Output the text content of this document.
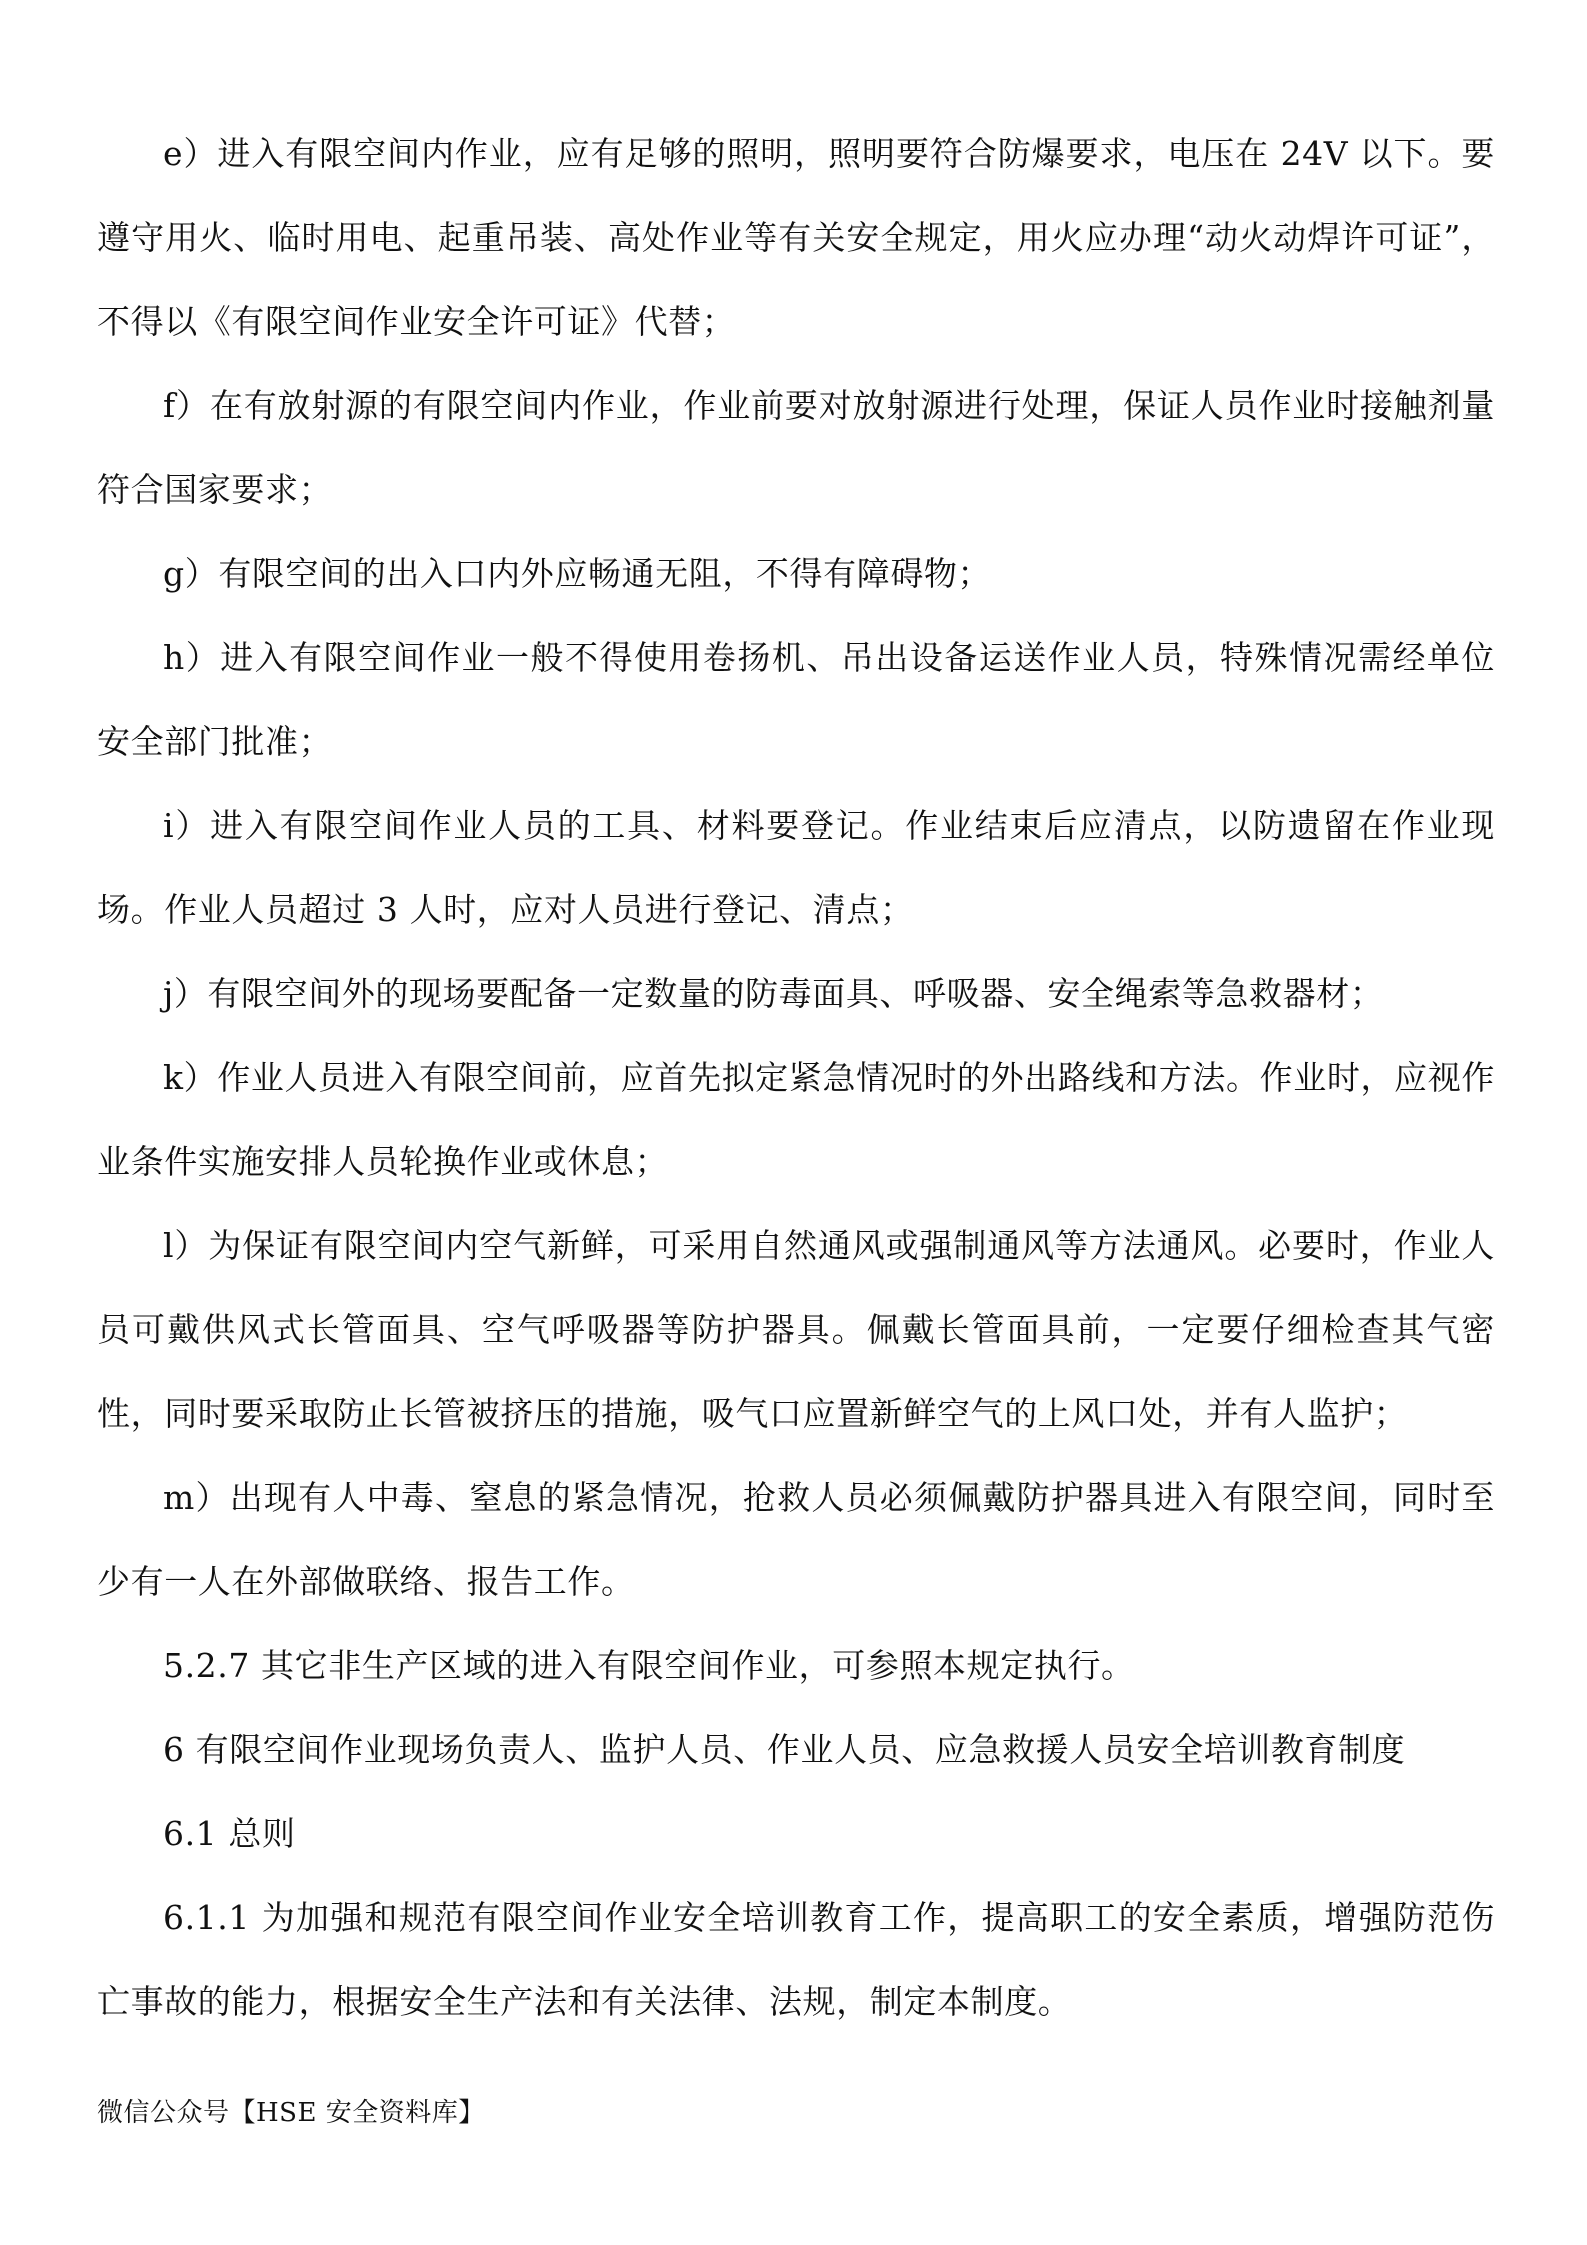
e）进入有限空间内作业，应有足够的照明，照明要符合防爆要求，电压在 24V 以下。要遵守用火、临时用电、起重吊装、高处作业等有关安全规定，用火应办理“动火动焊许可证”，不得以《有限空间作业安全许可证》代替；

f）在有放射源的有限空间内作业，作业前要对放射源进行处理，保证人员作业时接触剂量符合国家要求；

g）有限空间的出入口内外应畅通无阻，不得有障碍物；

h）进入有限空间作业一般不得使用卷扬机、吊出设备运送作业人员，特殊情况需经单位安全部门批准；

i）进入有限空间作业人员的工具、材料要登记。作业结束后应清点，以防遗留在作业现场。作业人员超过 3 人时，应对人员进行登记、清点；

j）有限空间外的现场要配备一定数量的防毒面具、呼吸器、安全绳索等急救器材；

k）作业人员进入有限空间前，应首先拟定紧急情况时的外出路线和方法。作业时，应视作业条件实施安排人员轮换作业或休息；

l）为保证有限空间内空气新鲜，可采用自然通风或强制通风等方法通风。必要时，作业人员可戴供风式长管面具、空气呼吸器等防护器具。佩戴长管面具前，一定要仔细检查其气密性，同时要采取防止长管被挤压的措施，吸气口应置新鲜空气的上风口处，并有人监护；

m）出现有人中毒、窒息的紧急情况，抢救人员必须佩戴防护器具进入有限空间，同时至少有一人在外部做联络、报告工作。

5.2.7 其它非生产区域的进入有限空间作业，可参照本规定执行。

6 有限空间作业现场负责人、监护人员、作业人员、应急救援人员安全培训教育制度

6.1 总则

6.1.1 为加强和规范有限空间作业安全培训教育工作，提高职工的安全素质，增强防范伤亡事故的能力，根据安全生产法和有关法律、法规，制定本制度。

微信公众号【HSE 安全资料库】
